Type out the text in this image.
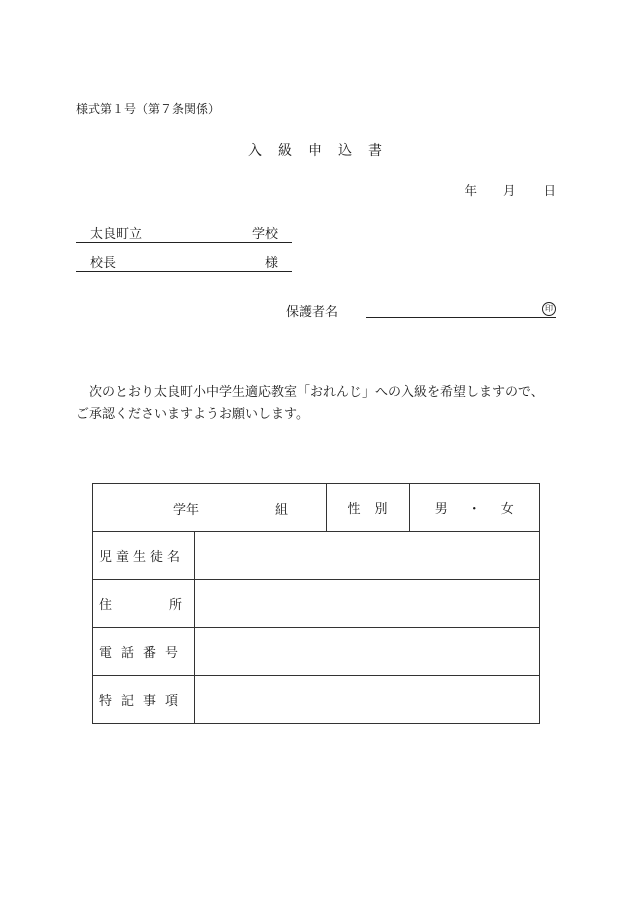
様式第１号（第７条関係）
入級申込書
年 月 日
太良町立	学校
校長	様
保護者名	印

次のとおり太良町小中学生適応教室「おれんじ」への入級を希望しますので、

ご承認くださいますようお願いします。

学年 組		性別	男・女
児童生徒名			

住 所			

電話番号			
特記事項			
